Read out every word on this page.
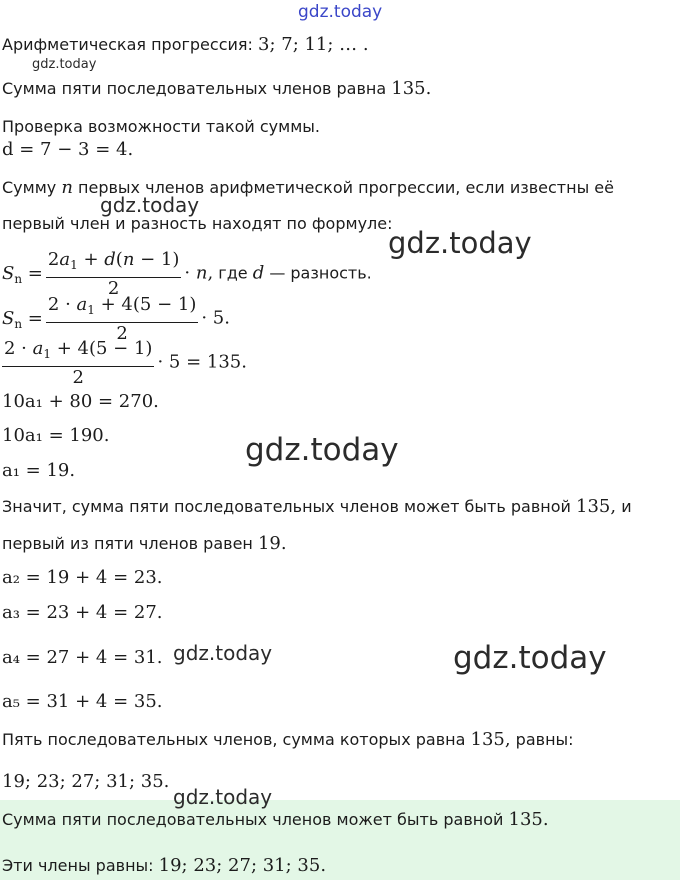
gdz.today
gdz.today
gdz.today
gdz.today
gdz.today
gdz.today	gdz.today
gdz.today
Арифметическая прогрессия: 3; 7; 11; … .
Сумма пяти последовательных членов равна 135.
Проверка возможности такой суммы.
d = 7 − 3 = 4.
Сумму n первых членов арифметической прогрессии, если известны её
первый член и разность находят по формуле:
$S_n = \frac{2a_1 + d(n - 1)}{2} \cdot n$, где d — разность.
$S_n = \frac{2 \cdot a_1 + 4(5 - 1)}{2} \cdot 5$.
$\frac{2 \cdot a_1 + 4(5 - 1)}{2} \cdot 5 = 135$.
10a₁ + 80 = 270.
10a₁ = 190.
a₁ = 19.
Значит, сумма пяти последовательных членов может быть равной 135, и
первый из пяти членов равен 19.
a₂ = 19 + 4 = 23.
a₃ = 23 + 4 = 27.
a₄ = 27 + 4 = 31.
a₅ = 31 + 4 = 35.
Пять последовательных членов, сумма которых равна 135, равны:
19; 23; 27; 31; 35.
Сумма пяти последовательных членов может быть равной 135.
Эти члены равны: 19; 23; 27; 31; 35.
